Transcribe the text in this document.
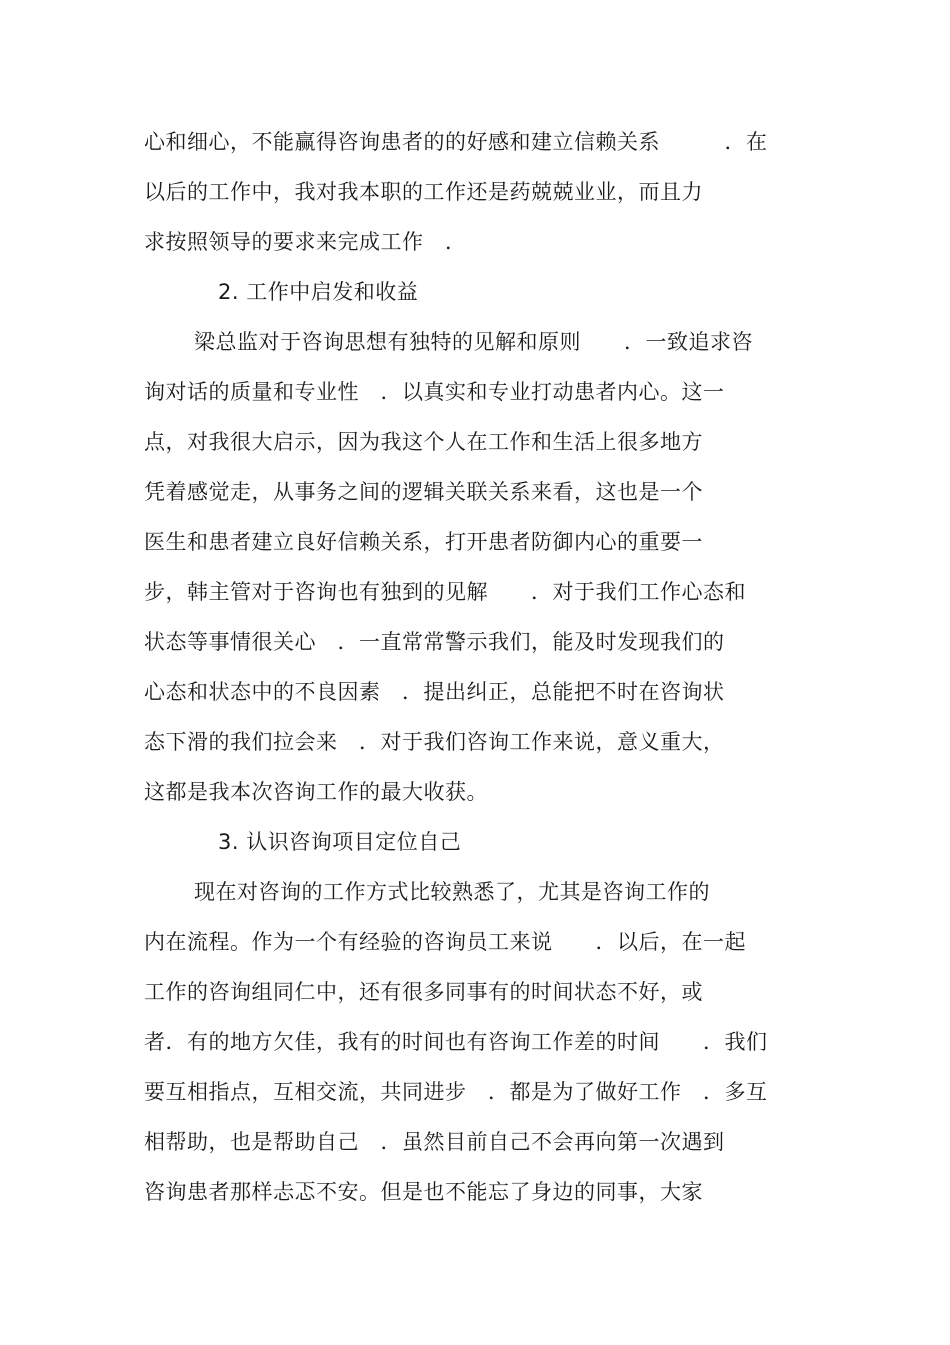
心和细心，不能赢得咨询患者的的好感和建立信赖关系　　　．在
以后的工作中，我对我本职的工作还是药兢兢业业，而且力
求按照领导的要求来完成工作　．
2. 工作中启发和收益
梁总监对于咨询思想有独特的见解和原则　　．一致追求咨
询对话的质量和专业性　．以真实和专业打动患者内心。这一
点，对我很大启示，因为我这个人在工作和生活上很多地方
凭着感觉走，从事务之间的逻辑关联关系来看，这也是一个
医生和患者建立良好信赖关系，打开患者防御内心的重要一
步，韩主管对于咨询也有独到的见解　　．对于我们工作心态和
状态等事情很关心　．一直常常警示我们，能及时发现我们的
心态和状态中的不良因素　．提出纠正，总能把不时在咨询状
态下滑的我们拉会来　．对于我们咨询工作来说，意义重大，
这都是我本次咨询工作的最大收获。
3. 认识咨询项目定位自己
现在对咨询的工作方式比较熟悉了，尤其是咨询工作的
内在流程。作为一个有经验的咨询员工来说　　．以后，在一起
工作的咨询组同仁中，还有很多同事有的时间状态不好，或
者．有的地方欠佳，我有的时间也有咨询工作差的时间　　．我们
要互相指点，互相交流，共同进步　．都是为了做好工作　．多互
相帮助，也是帮助自己　．虽然目前自己不会再向第一次遇到
咨询患者那样忐忑不安。但是也不能忘了身边的同事，大家
